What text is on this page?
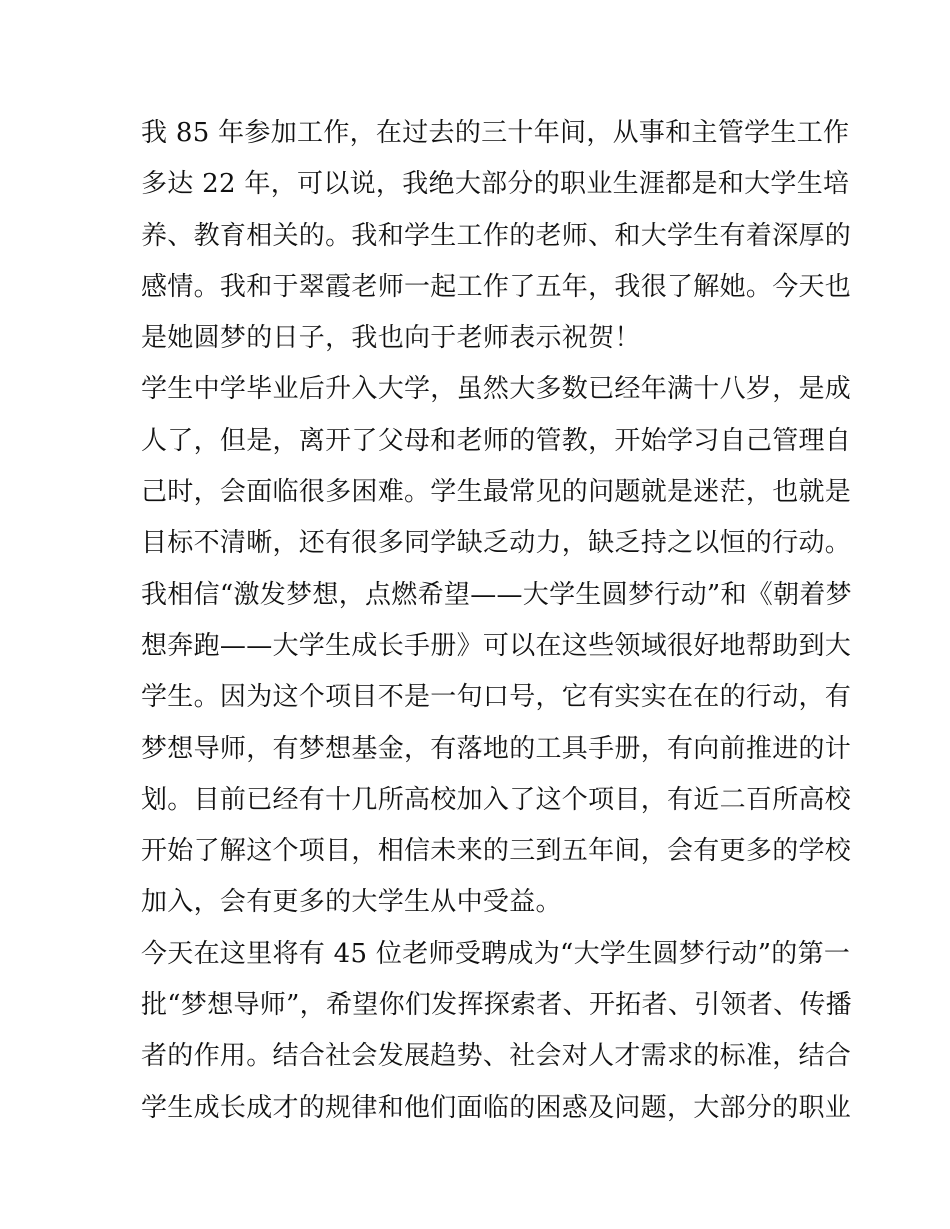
我 85 年参加工作，在过去的三十年间，从事和主管学生工作
多达 22 年，可以说，我绝大部分的职业生涯都是和大学生培
养、教育相关的。我和学生工作的老师、和大学生有着深厚的
感情。我和于翠霞老师一起工作了五年，我很了解她。今天也
是她圆梦的日子，我也向于老师表示祝贺！
学生中学毕业后升入大学，虽然大多数已经年满十八岁，是成
人了，但是，离开了父母和老师的管教，开始学习自己管理自
己时，会面临很多困难。学生最常见的问题就是迷茫，也就是
目标不清晰，还有很多同学缺乏动力，缺乏持之以恒的行动。
我相信“激发梦想，点燃希望——大学生圆梦行动”和《朝着梦
想奔跑——大学生成长手册》可以在这些领域很好地帮助到大
学生。因为这个项目不是一句口号，它有实实在在的行动，有
梦想导师，有梦想基金，有落地的工具手册，有向前推进的计
划。目前已经有十几所高校加入了这个项目，有近二百所高校
开始了解这个项目，相信未来的三到五年间，会有更多的学校
加入，会有更多的大学生从中受益。
今天在这里将有 45 位老师受聘成为“大学生圆梦行动”的第一
批“梦想导师”，希望你们发挥探索者、开拓者、引领者、传播
者的作用。结合社会发展趋势、社会对人才需求的标准，结合
学生成长成才的规律和他们面临的困惑及问题，大部分的职业
